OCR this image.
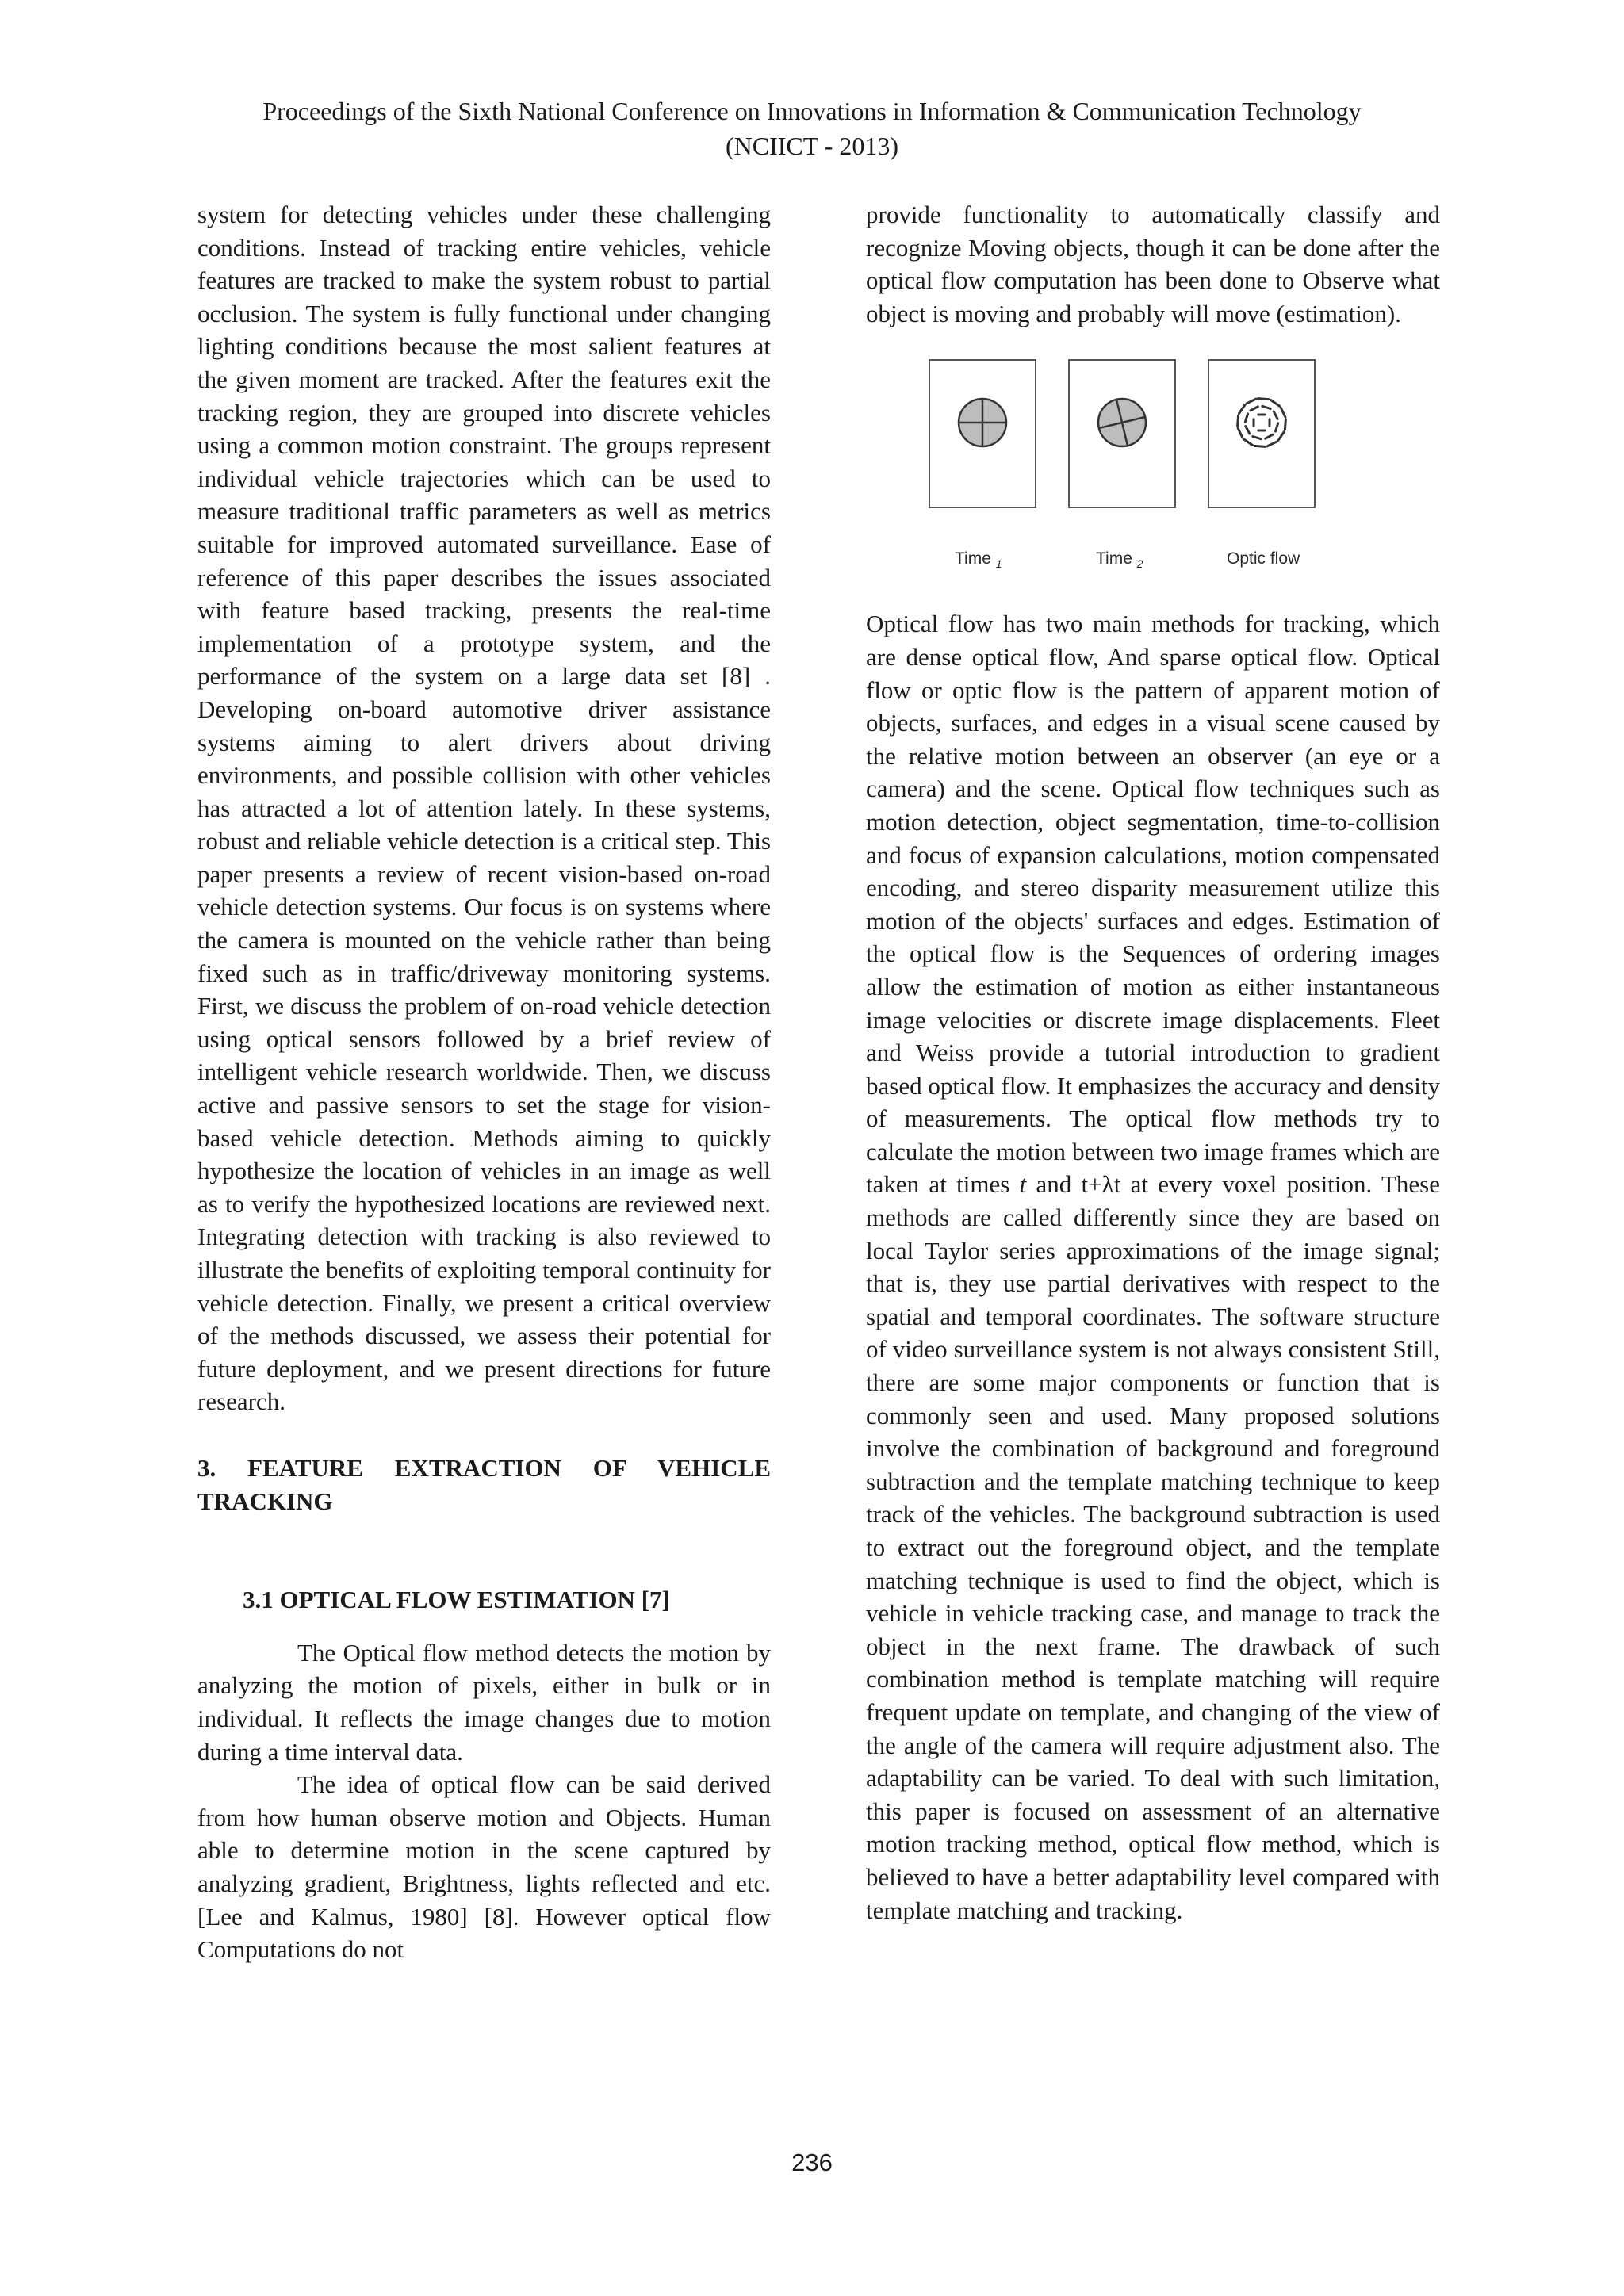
Proceedings of the Sixth National Conference on Innovations in Information & Communication Technology
(NCIICT - 2013)

system for detecting vehicles under these challenging conditions. Instead of tracking entire vehicles, vehicle features are tracked to make the system robust to partial occlusion. The system is fully functional under changing lighting conditions because the most salient features at the given moment are tracked. After the features exit the tracking region, they are grouped into discrete vehicles using a common motion constraint. The groups represent individual vehicle trajectories which can be used to measure traditional traffic parameters as well as metrics suitable for improved automated surveillance. Ease of reference of this paper describes the issues associated with feature based tracking, presents the real-time implementation of a prototype system, and the performance of the system on a large data set [8] . Developing on-board automotive driver assistance systems aiming to alert drivers about driving environments, and possible collision with other vehicles has attracted a lot of attention lately. In these systems, robust and reliable vehicle detection is a critical step. This paper presents a review of recent vision-based on-road vehicle detection systems. Our focus is on systems where the camera is mounted on the vehicle rather than being fixed such as in traffic/driveway monitoring systems. First, we discuss the problem of on-road vehicle detection using optical sensors followed by a brief review of intelligent vehicle research worldwide. Then, we discuss active and passive sensors to set the stage for vision-based vehicle detection. Methods aiming to quickly hypothesize the location of vehicles in an image as well as to verify the hypothesized locations are reviewed next. Integrating detection with tracking is also reviewed to illustrate the benefits of exploiting temporal continuity for vehicle detection. Finally, we present a critical overview of the methods discussed, we assess their potential for future deployment, and we present directions for future research.

3. FEATURE EXTRACTION OF VEHICLE TRACKING

3.1 OPTICAL FLOW ESTIMATION [7]

The Optical flow method detects the motion by analyzing the motion of pixels, either in bulk or in individual. It reflects the image changes due to motion during a time interval data.

The idea of optical flow can be said derived from how human observe motion and Objects. Human able to determine motion in the scene captured by analyzing gradient, Brightness, lights reflected and etc. [Lee and Kalmus, 1980] [8]. However optical flow Computations do not

provide functionality to automatically classify and recognize Moving objects, though it can be done after the optical flow computation has been done to Observe what object is moving and probably will move (estimation).

Time $_1$	Time $_2$	Optic flow

Optical flow has two main methods for tracking, which are dense optical flow, And sparse optical flow. Optical flow or optic flow is the pattern of apparent motion of objects, surfaces, and edges in a visual scene caused by the relative motion between an observer (an eye or a camera) and the scene. Optical flow techniques such as motion detection, object segmentation, time-to-collision and focus of expansion calculations, motion compensated encoding, and stereo disparity measurement utilize this motion of the objects' surfaces and edges. Estimation of the optical flow is the Sequences of ordering images allow the estimation of motion as either instantaneous image velocities or discrete image displacements. Fleet and Weiss provide a tutorial introduction to gradient based optical flow. It emphasizes the accuracy and density of measurements. The optical flow methods try to calculate the motion between two image frames which are taken at times t and t+λt at every voxel position. These methods are called differently since they are based on local Taylor series approximations of the image signal; that is, they use partial derivatives with respect to the spatial and temporal coordinates. The software structure of video surveillance system is not always consistent Still, there are some major components or function that is commonly seen and used. Many proposed solutions involve the combination of background and foreground subtraction and the template matching technique to keep track of the vehicles. The background subtraction is used to extract out the foreground object, and the template matching technique is used to find the object, which is vehicle in vehicle tracking case, and manage to track the object in the next frame. The drawback of such combination method is template matching will require frequent update on template, and changing of the view of the angle of the camera will require adjustment also. The adaptability can be varied. To deal with such limitation, this paper is focused on assessment of an alternative motion tracking method, optical flow method, which is believed to have a better adaptability level compared with template matching and tracking.

236
